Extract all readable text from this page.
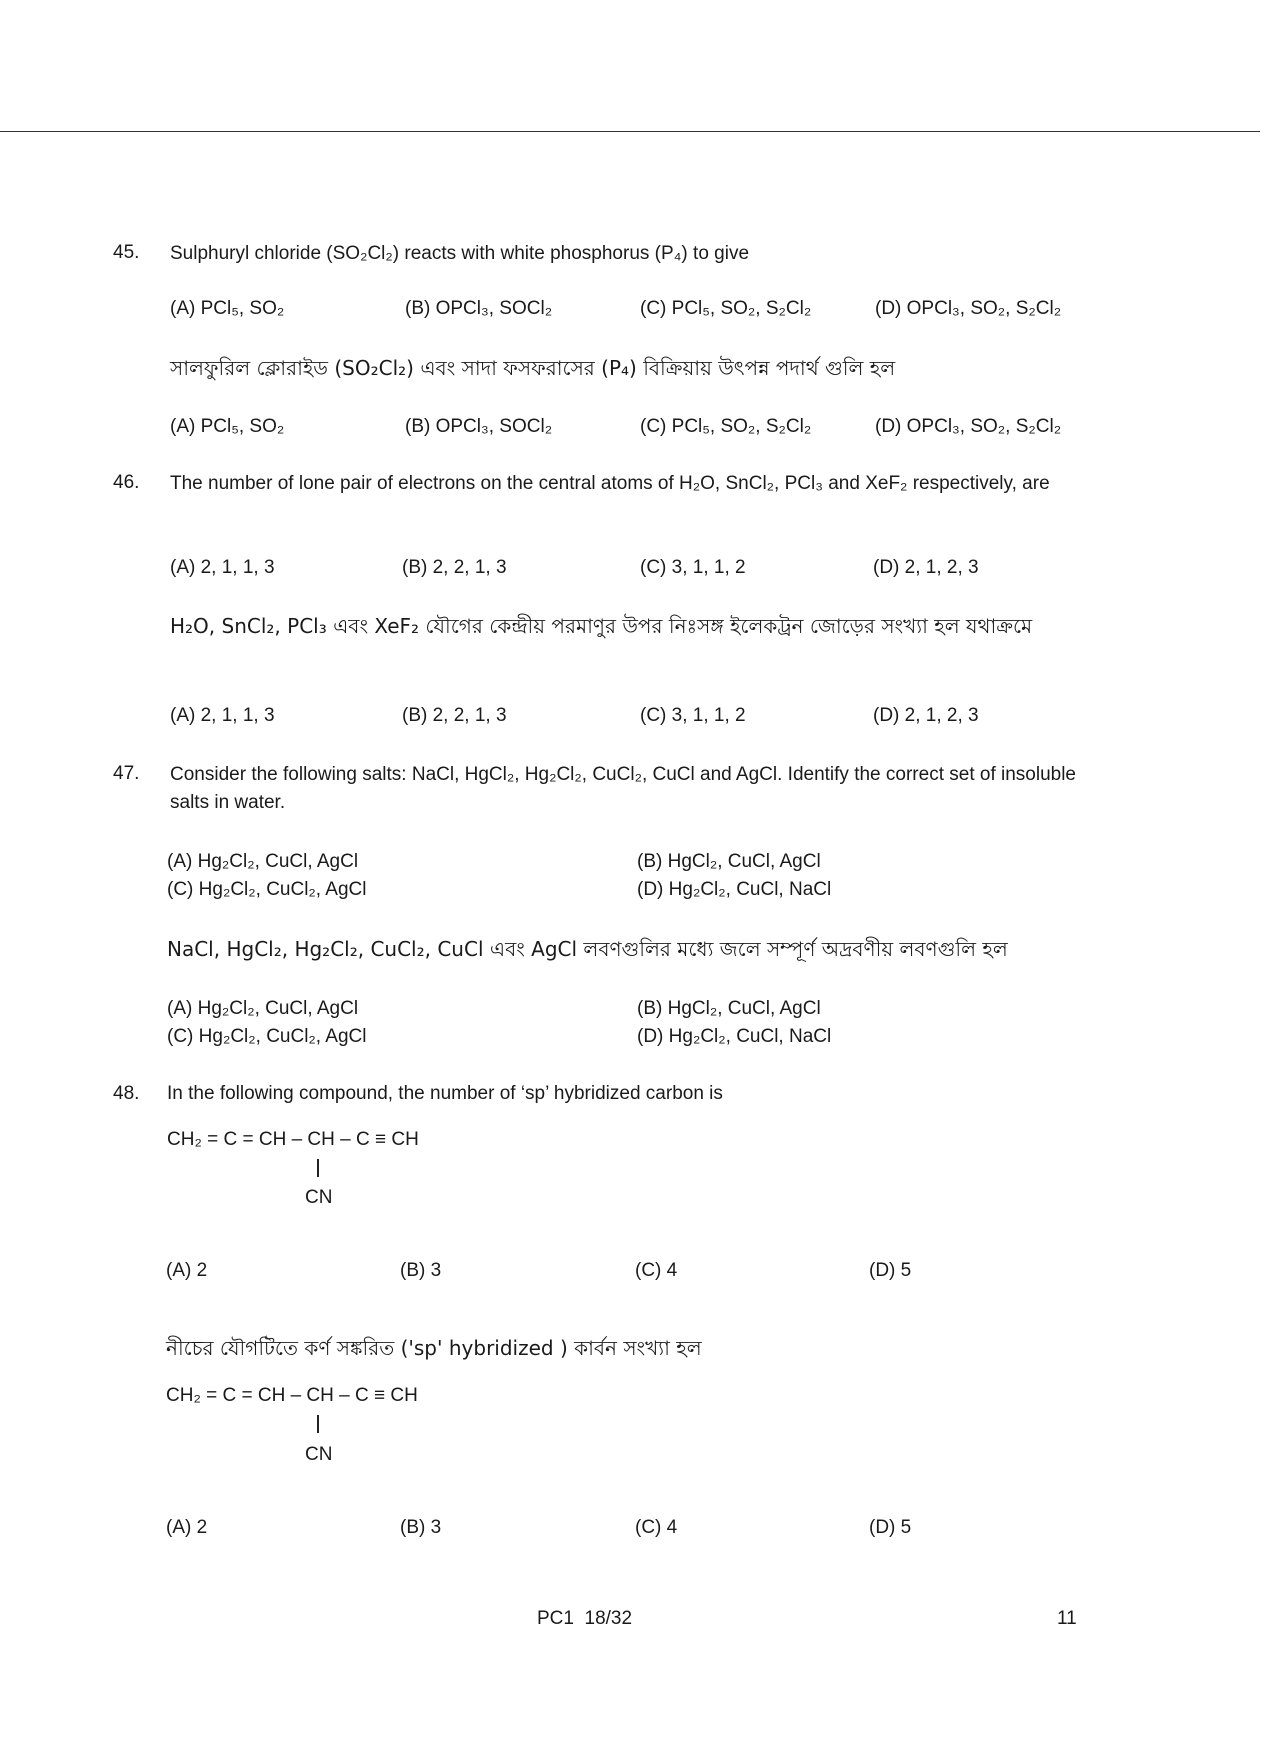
45. Sulphuryl chloride (SO₂Cl₂) reacts with white phosphorus (P₄) to give
(A) PCl₅, SO₂	(B) OPCl₃, SOCl₂	(C) PCl₅, SO₂, S₂Cl₂	(D) OPCl₃, SO₂, S₂Cl₂
সালফুরিল ক্লোরাইড (SO₂Cl₂) এবং সাদা ফসফরাসের (P₄) বিক্রিয়ায় উৎপন্ন পদার্থ গুলি হল
(A) PCl₅, SO₂	(B) OPCl₃, SOCl₂	(C) PCl₅, SO₂, S₂Cl₂	(D) OPCl₃, SO₂, S₂Cl₂
46. The number of lone pair of electrons on the central atoms of H₂O, SnCl₂, PCl₃ and XeF₂ respectively, are
(A) 2, 1, 1, 3	(B) 2, 2, 1, 3	(C) 3, 1, 1, 2	(D) 2, 1, 2, 3
H₂O, SnCl₂, PCl₃ এবং XeF₂ যৌগের কেন্দ্রীয় পরমাণুর উপর নিঃসঙ্গ ইলেকট্রন জোড়ের সংখ্যা হল যথাক্রমে
(A) 2, 1, 1, 3	(B) 2, 2, 1, 3	(C) 3, 1, 1, 2	(D) 2, 1, 2, 3
47. Consider the following salts: NaCl, HgCl₂, Hg₂Cl₂, CuCl₂, CuCl and AgCl. Identify the correct set of insoluble salts in water.
(A) Hg₂Cl₂, CuCl, AgCl	(B) HgCl₂, CuCl, AgCl
(C) Hg₂Cl₂, CuCl₂, AgCl	(D) Hg₂Cl₂, CuCl, NaCl
NaCl, HgCl₂, Hg₂Cl₂, CuCl₂, CuCl এবং AgCl লবণগুলির মধ্যে জলে সম্পূর্ণ অদ্রবণীয় লবণগুলি হল
(A) Hg₂Cl₂, CuCl, AgCl	(B) HgCl₂, CuCl, AgCl
(C) Hg₂Cl₂, CuCl₂, AgCl	(D) Hg₂Cl₂, CuCl, NaCl
48. In the following compound, the number of ‘sp’ hybridized carbon is
CH₂ = C = CH – CH – C ≡ CH
CN
(A) 2	(B) 3	(C) 4	(D) 5
নীচের যৌগটিতে কর্ণ সঙ্করিত ('sp' hybridized ) কার্বন সংখ্যা হল
CH₂ = C = CH – CH – C ≡ CH
CN
(A) 2	(B) 3	(C) 4	(D) 5
PC1  18/32	11
